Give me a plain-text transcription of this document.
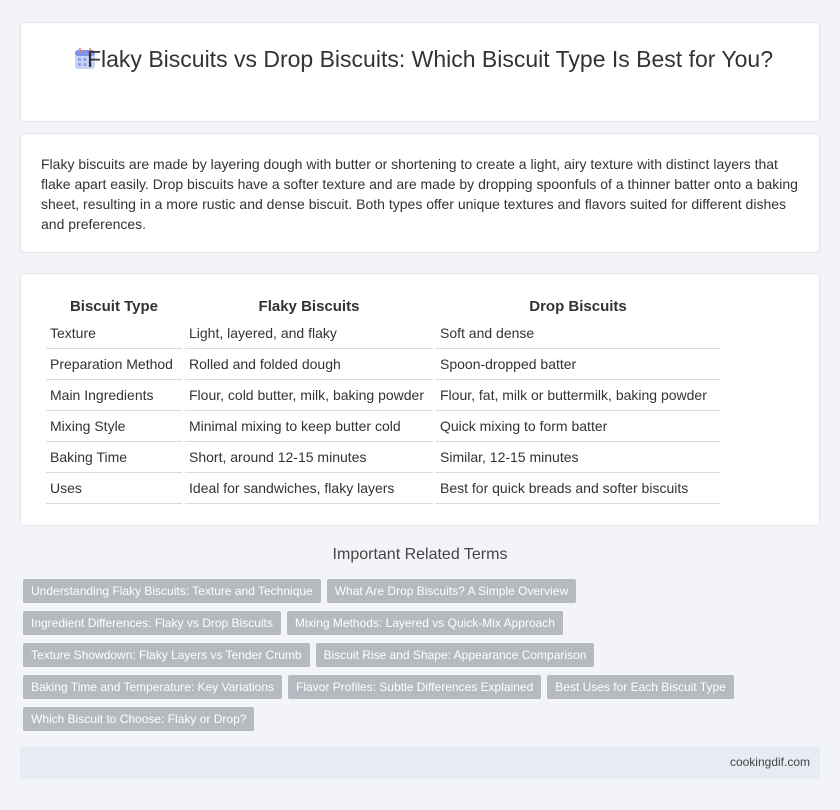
Flaky Biscuits vs Drop Biscuits: Which Biscuit Type Is Best for You?

Flaky biscuits are made by layering dough with butter or shortening to create a light, airy texture with distinct layers that flake apart easily. Drop biscuits have a softer texture and are made by dropping spoonfuls of a thinner batter onto a baking sheet, resulting in a more rustic and dense biscuit. Both types offer unique textures and flavors suited for different dishes and preferences.

Biscuit Type	Flaky Biscuits	Drop Biscuits
Texture	Light, layered, and flaky	Soft and dense
Preparation Method	Rolled and folded dough	Spoon-dropped batter
Main Ingredients	Flour, cold butter, milk, baking powder	Flour, fat, milk or buttermilk, baking powder
Mixing Style	Minimal mixing to keep butter cold	Quick mixing to form batter
Baking Time	Short, around 12-15 minutes	Similar, 12-15 minutes
Uses	Ideal for sandwiches, flaky layers	Best for quick breads and softer biscuits
Important Related Terms
Understanding Flaky Biscuits: Texture and Technique	What Are Drop Biscuits? A Simple Overview
Ingredient Differences: Flaky vs Drop Biscuits	Mixing Methods: Layered vs Quick-Mix Approach
Texture Showdown: Flaky Layers vs Tender Crumb	Biscuit Rise and Shape: Appearance Comparison
Baking Time and Temperature: Key Variations	Flavor Profiles: Subtle Differences Explained	Best Uses for Each Biscuit Type
Which Biscuit to Choose: Flaky or Drop?
cookingdif.com
